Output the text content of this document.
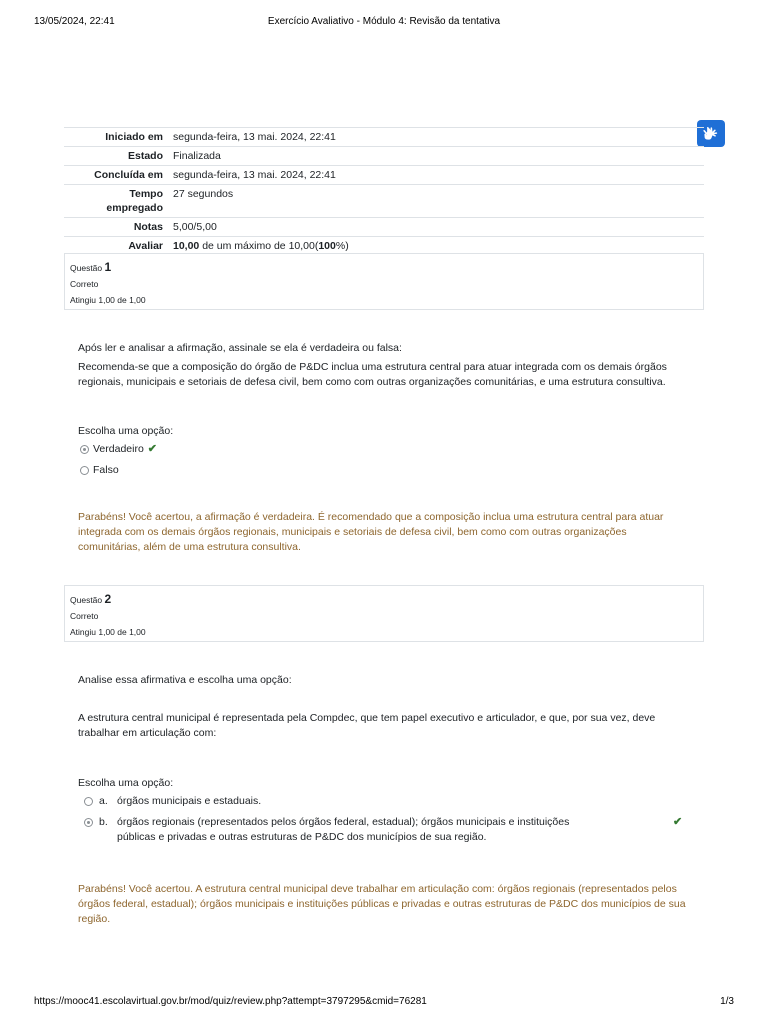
13/05/2024, 22:41	Exercício Avaliativo - Módulo 4: Revisão da tentativa
Iniciado em	segunda-feira, 13 mai. 2024, 22:41
Estado	Finalizada
Concluída em	segunda-feira, 13 mai. 2024, 22:41
Tempo
empregado	27 segundos
Notas	5,00/5,00
Avaliar	10,00 de um máximo de 10,00(100%)
Questão 1
Correto
Atingiu 1,00 de 1,00
Após ler e analisar a afirmação, assinale se ela é verdadeira ou falsa:
Recomenda-se que a composição do órgão de P&DC inclua uma estrutura central para atuar integrada com os demais órgãos regionais, municipais e setoriais de defesa civil, bem como com outras organizações comunitárias, e uma estrutura consultiva.
Escolha uma opção:
Verdadeiro ✔
Falso
Parabéns! Você acertou, a afirmação é verdadeira. É recomendado que a composição inclua uma estrutura central para atuar integrada com os demais órgãos regionais, municipais e setoriais de defesa civil, bem como com outras organizações comunitárias, além de uma estrutura consultiva.
Questão 2
Correto
Atingiu 1,00 de 1,00
Analise essa afirmativa e escolha uma opção:
A estrutura central municipal é representada pela Compdec, que tem papel executivo e articulador, e que, por sua vez, deve trabalhar em articulação com:
Escolha uma opção:
a. órgãos municipais e estaduais.
b. órgãos regionais (representados pelos órgãos federal, estadual); órgãos municipais e instituições públicas e privadas e outras estruturas de P&DC dos municípios de sua região.
✔
Parabéns! Você acertou. A estrutura central municipal deve trabalhar em articulação com: órgãos regionais (representados pelos órgãos federal, estadual); órgãos municipais e instituições públicas e privadas e outras estruturas de P&DC dos municípios de sua região.
https://mooc41.escolavirtual.gov.br/mod/quiz/review.php?attempt=3797295&cmid=76281	1/3
